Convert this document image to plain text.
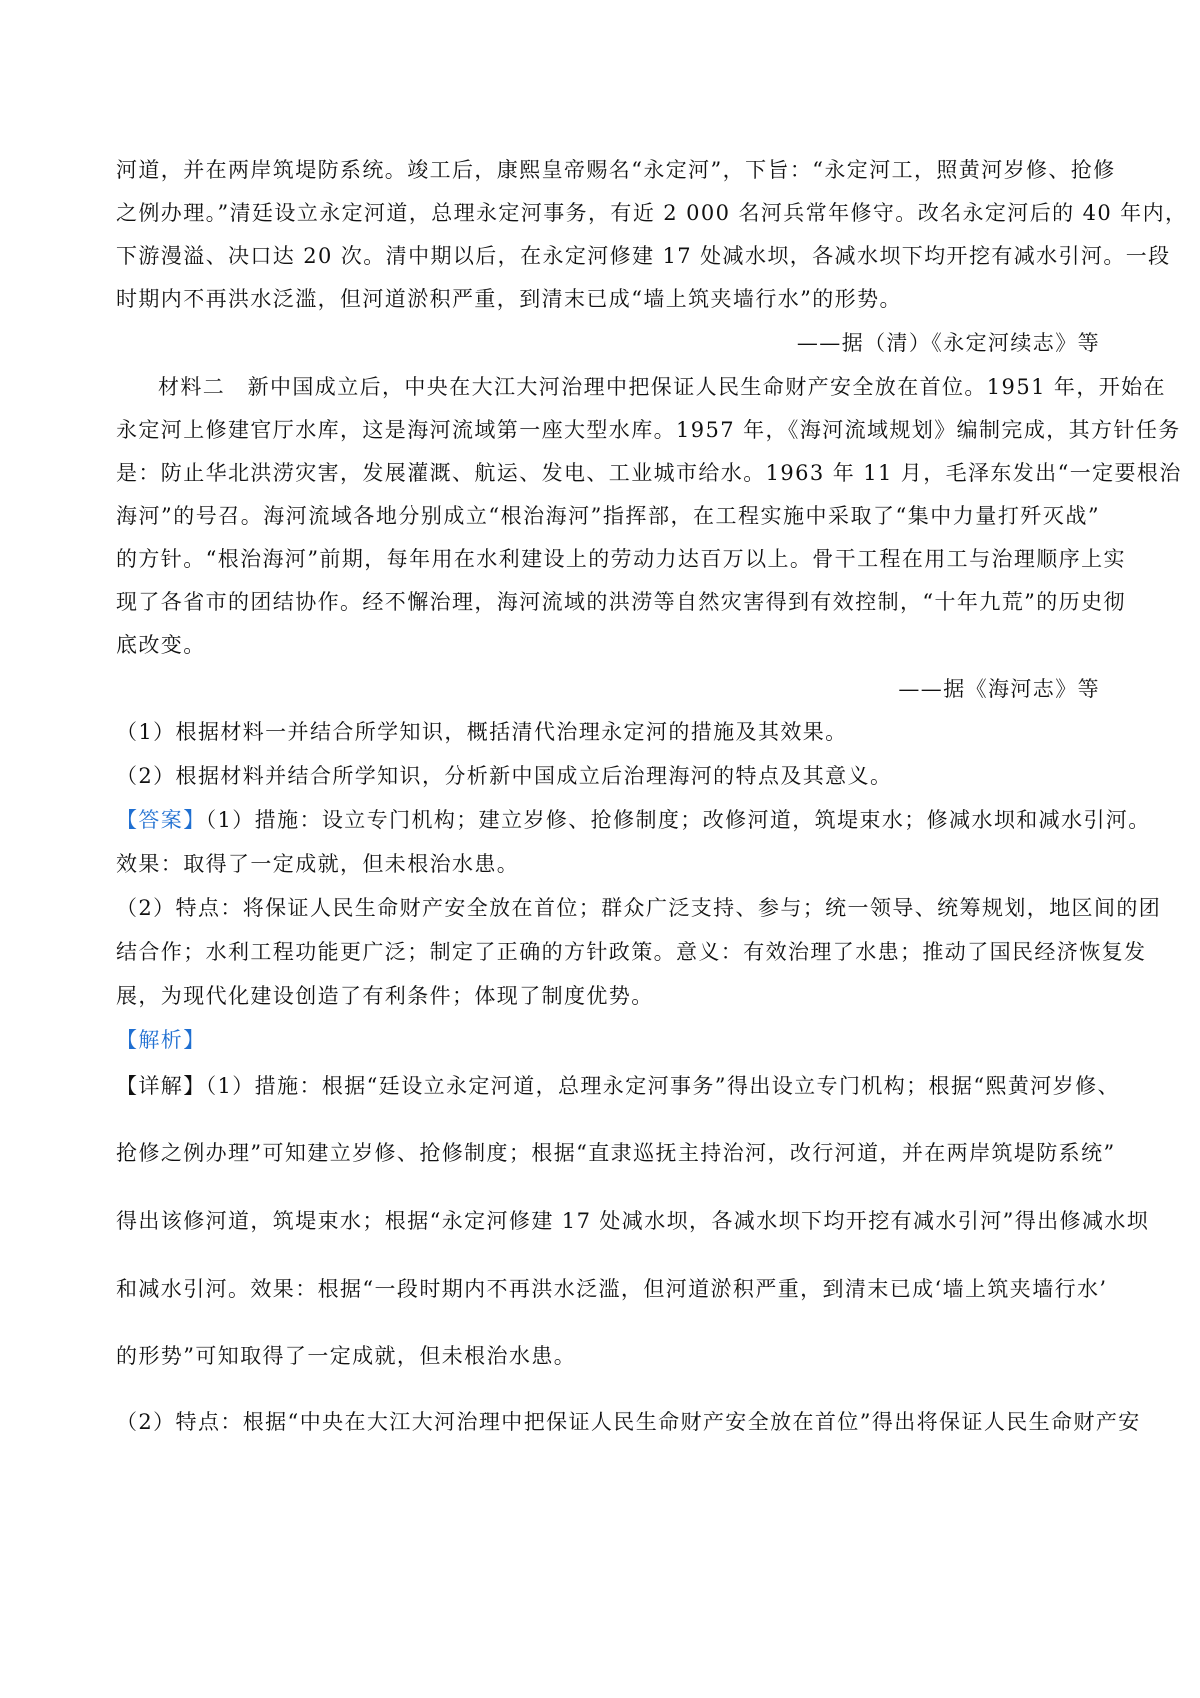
河道，并在两岸筑堤防系统。竣工后，康熙皇帝赐名“永定河”，下旨：“永定河工，照黄河岁修、抢修
之例办理。”清廷设立永定河道，总理永定河事务，有近 2 000 名河兵常年修守。改名永定河后的 40 年内，
下游漫溢、决口达 20 次。清中期以后，在永定河修建 17 处减水坝，各减水坝下均开挖有减水引河。一段
时期内不再洪水泛滥，但河道淤积严重，到清末已成“墙上筑夹墙行水”的形势。
——据（清）《永定河续志》等
材料二　新中国成立后，中央在大江大河治理中把保证人民生命财产安全放在首位。1951 年，开始在
永定河上修建官厅水库，这是海河流域第一座大型水库。1957 年，《海河流域规划》编制完成，其方针任务
是：防止华北洪涝灾害，发展灌溉、航运、发电、工业城市给水。1963 年 11 月，毛泽东发出“一定要根治
海河”的号召。海河流域各地分别成立“根治海河”指挥部，在工程实施中采取了“集中力量打歼灭战”
的方针。“根治海河”前期，每年用在水利建设上的劳动力达百万以上。骨干工程在用工与治理顺序上实
现了各省市的团结协作。经不懈治理，海河流域的洪涝等自然灾害得到有效控制，“十年九荒”的历史彻
底改变。
——据《海河志》等
（1）根据材料一并结合所学知识，概括清代治理永定河的措施及其效果。
（2）根据材料并结合所学知识，分析新中国成立后治理海河的特点及其意义。
【答案】（1）措施：设立专门机构；建立岁修、抢修制度；改修河道，筑堤束水；修减水坝和减水引河。
效果：取得了一定成就，但未根治水患。
（2）特点：将保证人民生命财产安全放在首位；群众广泛支持、参与；统一领导、统筹规划，地区间的团
结合作；水利工程功能更广泛；制定了正确的方针政策。意义：有效治理了水患；推动了国民经济恢复发
展，为现代化建设创造了有利条件；体现了制度优势。
【解析】
【详解】（1）措施：根据“廷设立永定河道，总理永定河事务”得出设立专门机构；根据“熙黄河岁修、
抢修之例办理”可知建立岁修、抢修制度；根据“直隶巡抚主持治河，改行河道，并在两岸筑堤防系统”
得出该修河道，筑堤束水；根据“永定河修建 17 处减水坝，各减水坝下均开挖有减水引河”得出修减水坝
和减水引河。效果：根据“一段时期内不再洪水泛滥，但河道淤积严重，到清末已成‘墙上筑夹墙行水’
的形势”可知取得了一定成就，但未根治水患。
（2）特点：根据“中央在大江大河治理中把保证人民生命财产安全放在首位”得出将保证人民生命财产安
